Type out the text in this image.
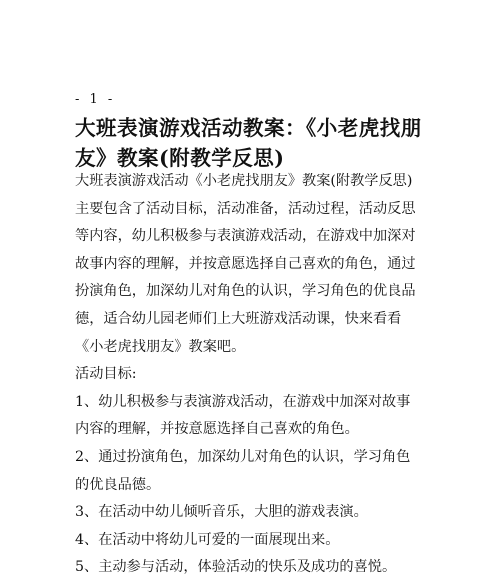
- 1 -
大班表演游戏活动教案：《小老虎找朋
友》教案(附教学反思)
大班表演游戏活动《小老虎找朋友》教案(附教学反思)
主要包含了活动目标，活动准备，活动过程，活动反思
等内容，幼儿积极参与表演游戏活动，在游戏中加深对
故事内容的理解，并按意愿选择自己喜欢的角色，通过
扮演角色，加深幼儿对角色的认识，学习角色的优良品
德，适合幼儿园老师们上大班游戏活动课，快来看看
《小老虎找朋友》教案吧。
活动目标:
1、幼儿积极参与表演游戏活动，在游戏中加深对故事
内容的理解，并按意愿选择自己喜欢的角色。
2、通过扮演角色，加深幼儿对角色的认识，学习角色
的优良品德。
3、在活动中幼儿倾听音乐，大胆的游戏表演。
4、在活动中将幼儿可爱的一面展现出来。
5、主动参与活动，体验活动的快乐及成功的喜悦。
